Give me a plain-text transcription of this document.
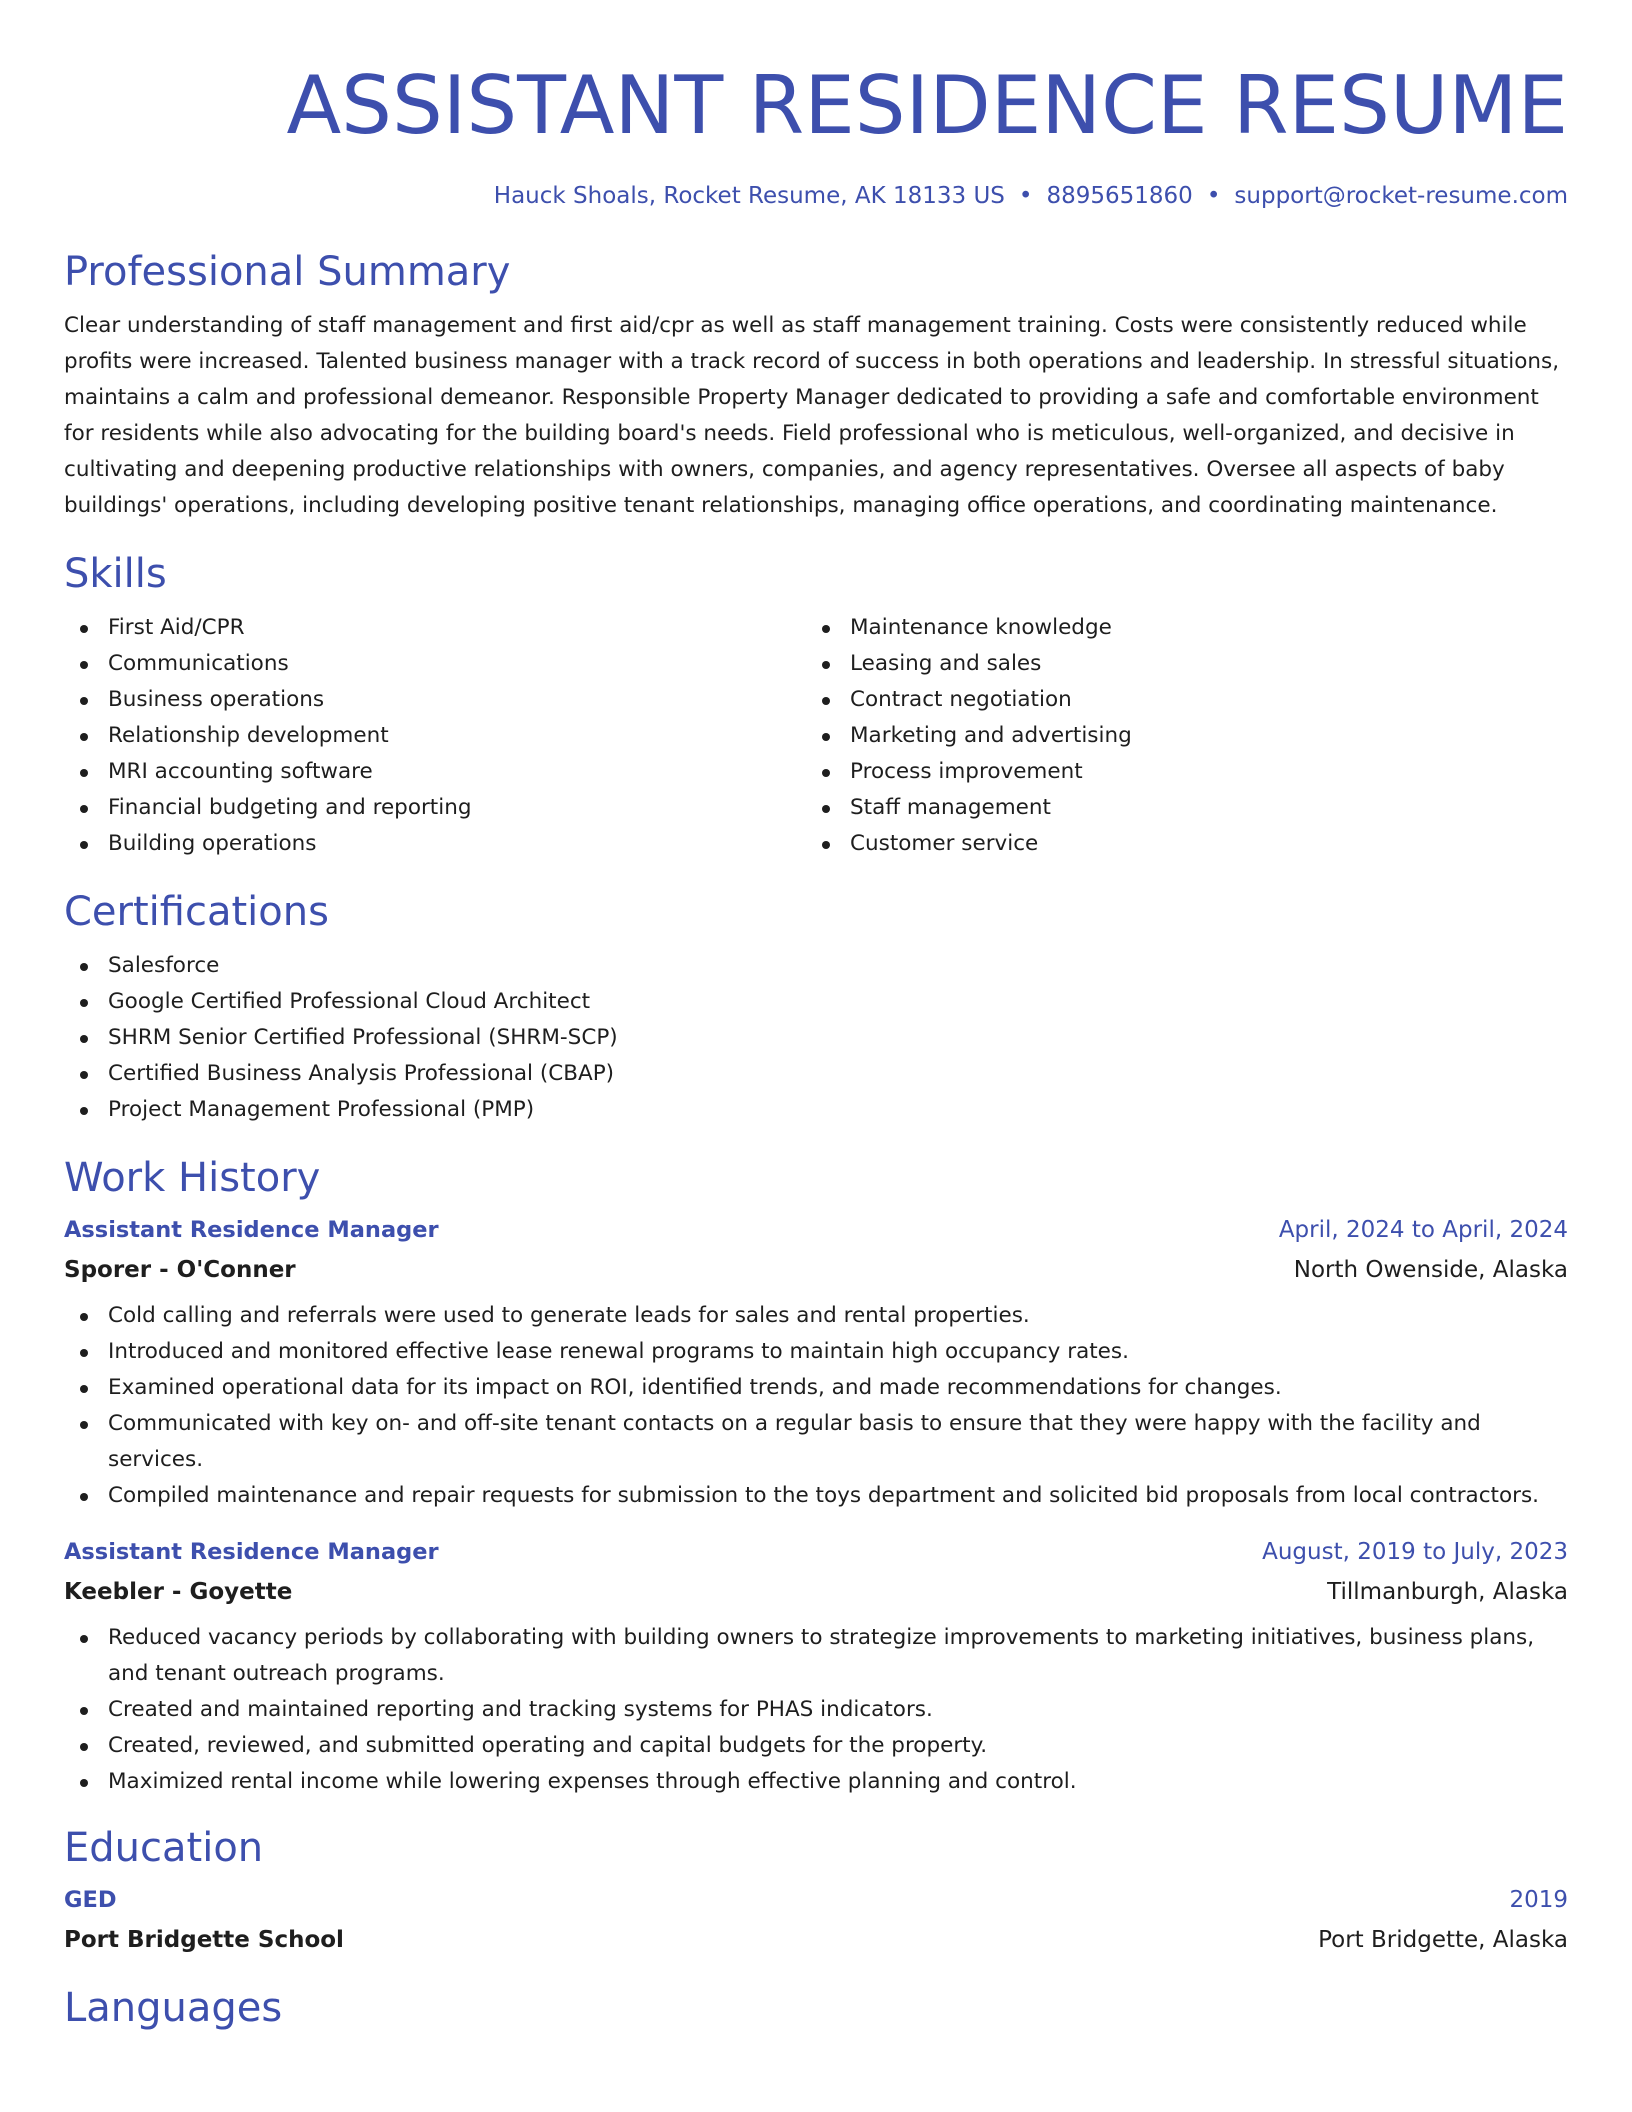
ASSISTANT RESIDENCE RESUME
Hauck Shoals, Rocket Resume, AK 18133 US • 8895651860 • support@rocket-resume.com
Professional Summary

Clear understanding of staff management and first aid/cpr as well as staff management training. Costs were consistently reduced while profits were increased. Talented business manager with a track record of success in both operations and leadership. In stressful situations, maintains a calm and professional demeanor. Responsible Property Manager dedicated to providing a safe and comfortable environment for residents while also advocating for the building board's needs. Field professional who is meticulous, well-organized, and decisive in cultivating and deepening productive relationships with owners, companies, and agency representatives. Oversee all aspects of baby buildings' operations, including developing positive tenant relationships, managing office operations, and coordinating maintenance.

Skills
First Aid/CPR
Communications
Business operations
Relationship development
MRI accounting software
Financial budgeting and reporting
Building operations
Maintenance knowledge
Leasing and sales
Contract negotiation
Marketing and advertising
Process improvement
Staff management
Customer service
Certifications
Salesforce
Google Certified Professional Cloud Architect
SHRM Senior Certified Professional (SHRM-SCP)
Certified Business Analysis Professional (CBAP)
Project Management Professional (PMP)
Work History
Assistant Residence Manager	April, 2024 to April, 2024
Sporer - O'Conner	North Owenside, Alaska
Cold calling and referrals were used to generate leads for sales and rental properties.
Introduced and monitored effective lease renewal programs to maintain high occupancy rates.
Examined operational data for its impact on ROI, identified trends, and made recommendations for changes.
Communicated with key on- and off-site tenant contacts on a regular basis to ensure that they were happy with the facility and services.
Compiled maintenance and repair requests for submission to the toys department and solicited bid proposals from local contractors.
Assistant Residence Manager	August, 2019 to July, 2023
Keebler - Goyette	Tillmanburgh, Alaska
Reduced vacancy periods by collaborating with building owners to strategize improvements to marketing initiatives, business plans, and tenant outreach programs.
Created and maintained reporting and tracking systems for PHAS indicators.
Created, reviewed, and submitted operating and capital budgets for the property.
Maximized rental income while lowering expenses through effective planning and control.
Education
GED	2019
Port Bridgette School	Port Bridgette, Alaska
Languages
